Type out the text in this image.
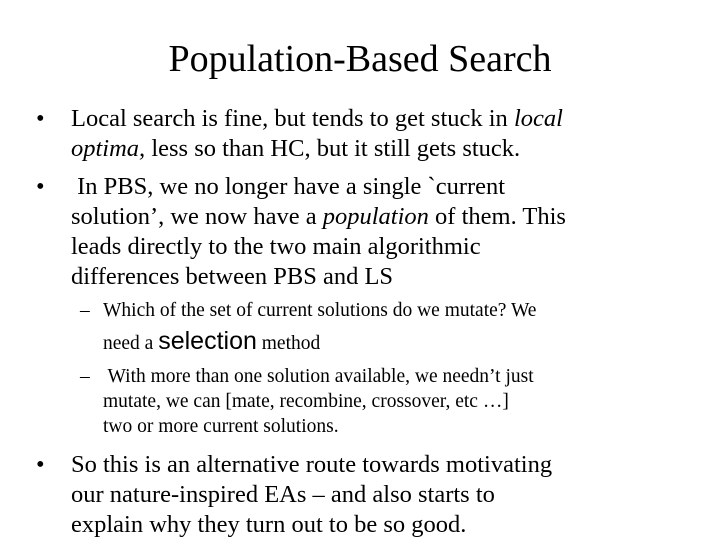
Population-Based Search
•	Local search is fine, but tends to get stuck in local
optima, less so than HC, but it still gets stuck.
•	In PBS, we no longer have a single `current
solution’, we now have a population of them. This
leads directly to the two main algorithmic
differences between PBS and LS
– Which of the set of current solutions do we mutate? We
need a selection method
– With more than one solution available, we needn’t just
mutate, we can [mate, recombine, crossover, etc …]
two or more current solutions.
•	So this is an alternative route towards motivating
our nature-inspired EAs – and also starts to
explain why they turn out to be so good.
